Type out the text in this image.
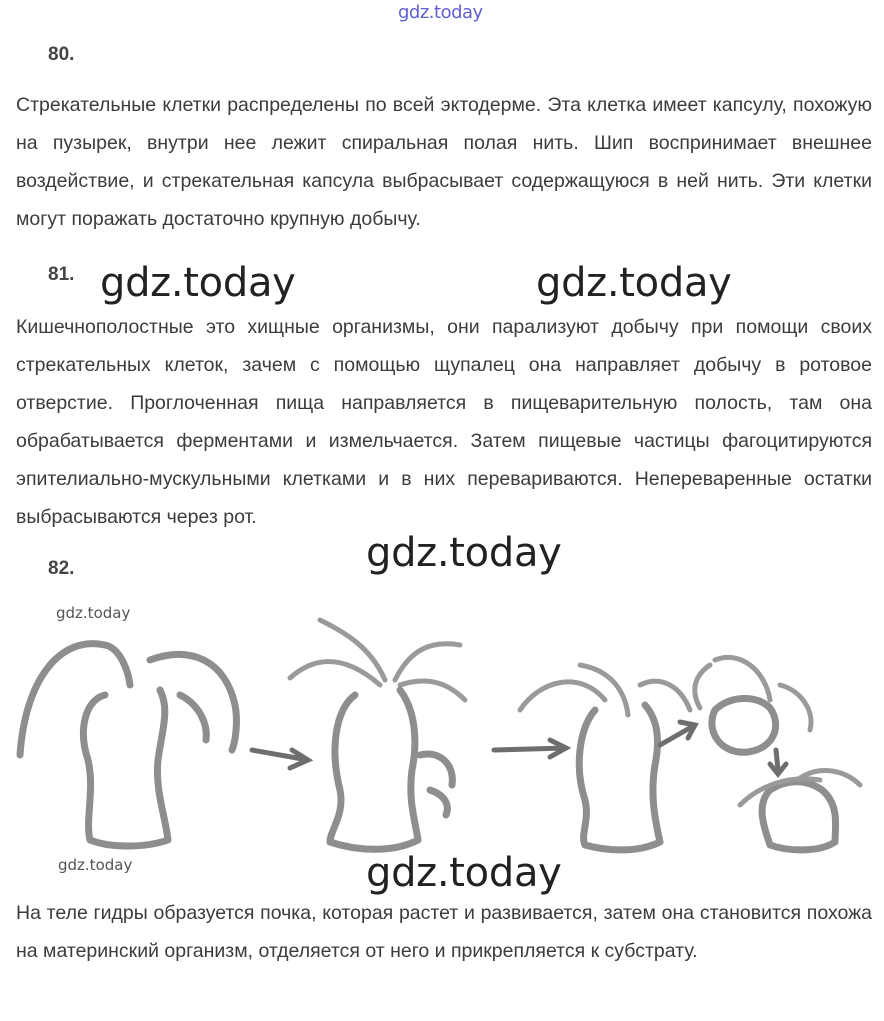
gdz.today
80.
Стрекательные клетки распределены по всей эктодерме. Эта клетка имеет капсулу, похожую на пузырек, внутри нее лежит спиральная полая нить. Шип воспринимает внешнее воздействие, и стрекательная капсула выбрасывает содержащуюся в ней нить. Эти клетки могут поражать достаточно крупную добычу.
81. gdz.today	gdz.today
Кишечнополостные это хищные организмы, они парализуют добычу при помощи своих стрекательных клеток, зачем с помощью щупалец она направляет добычу в ротовое отверстие. Проглоченная пища направляется в пищеварительную полость, там она обрабатывается ферментами и измельчается. Затем пищевые частицы фагоцитируются эпителиально-мускульными клетками и в них перевариваются. Непереваренные остатки выбрасываются через рот.
gdz.today
82.
gdz.today
gdz.today	gdz.today
На теле гидры образуется почка, которая растет и развивается, затем она становится похожа на материнский организм, отделяется от него и прикрепляется к субстрату.
